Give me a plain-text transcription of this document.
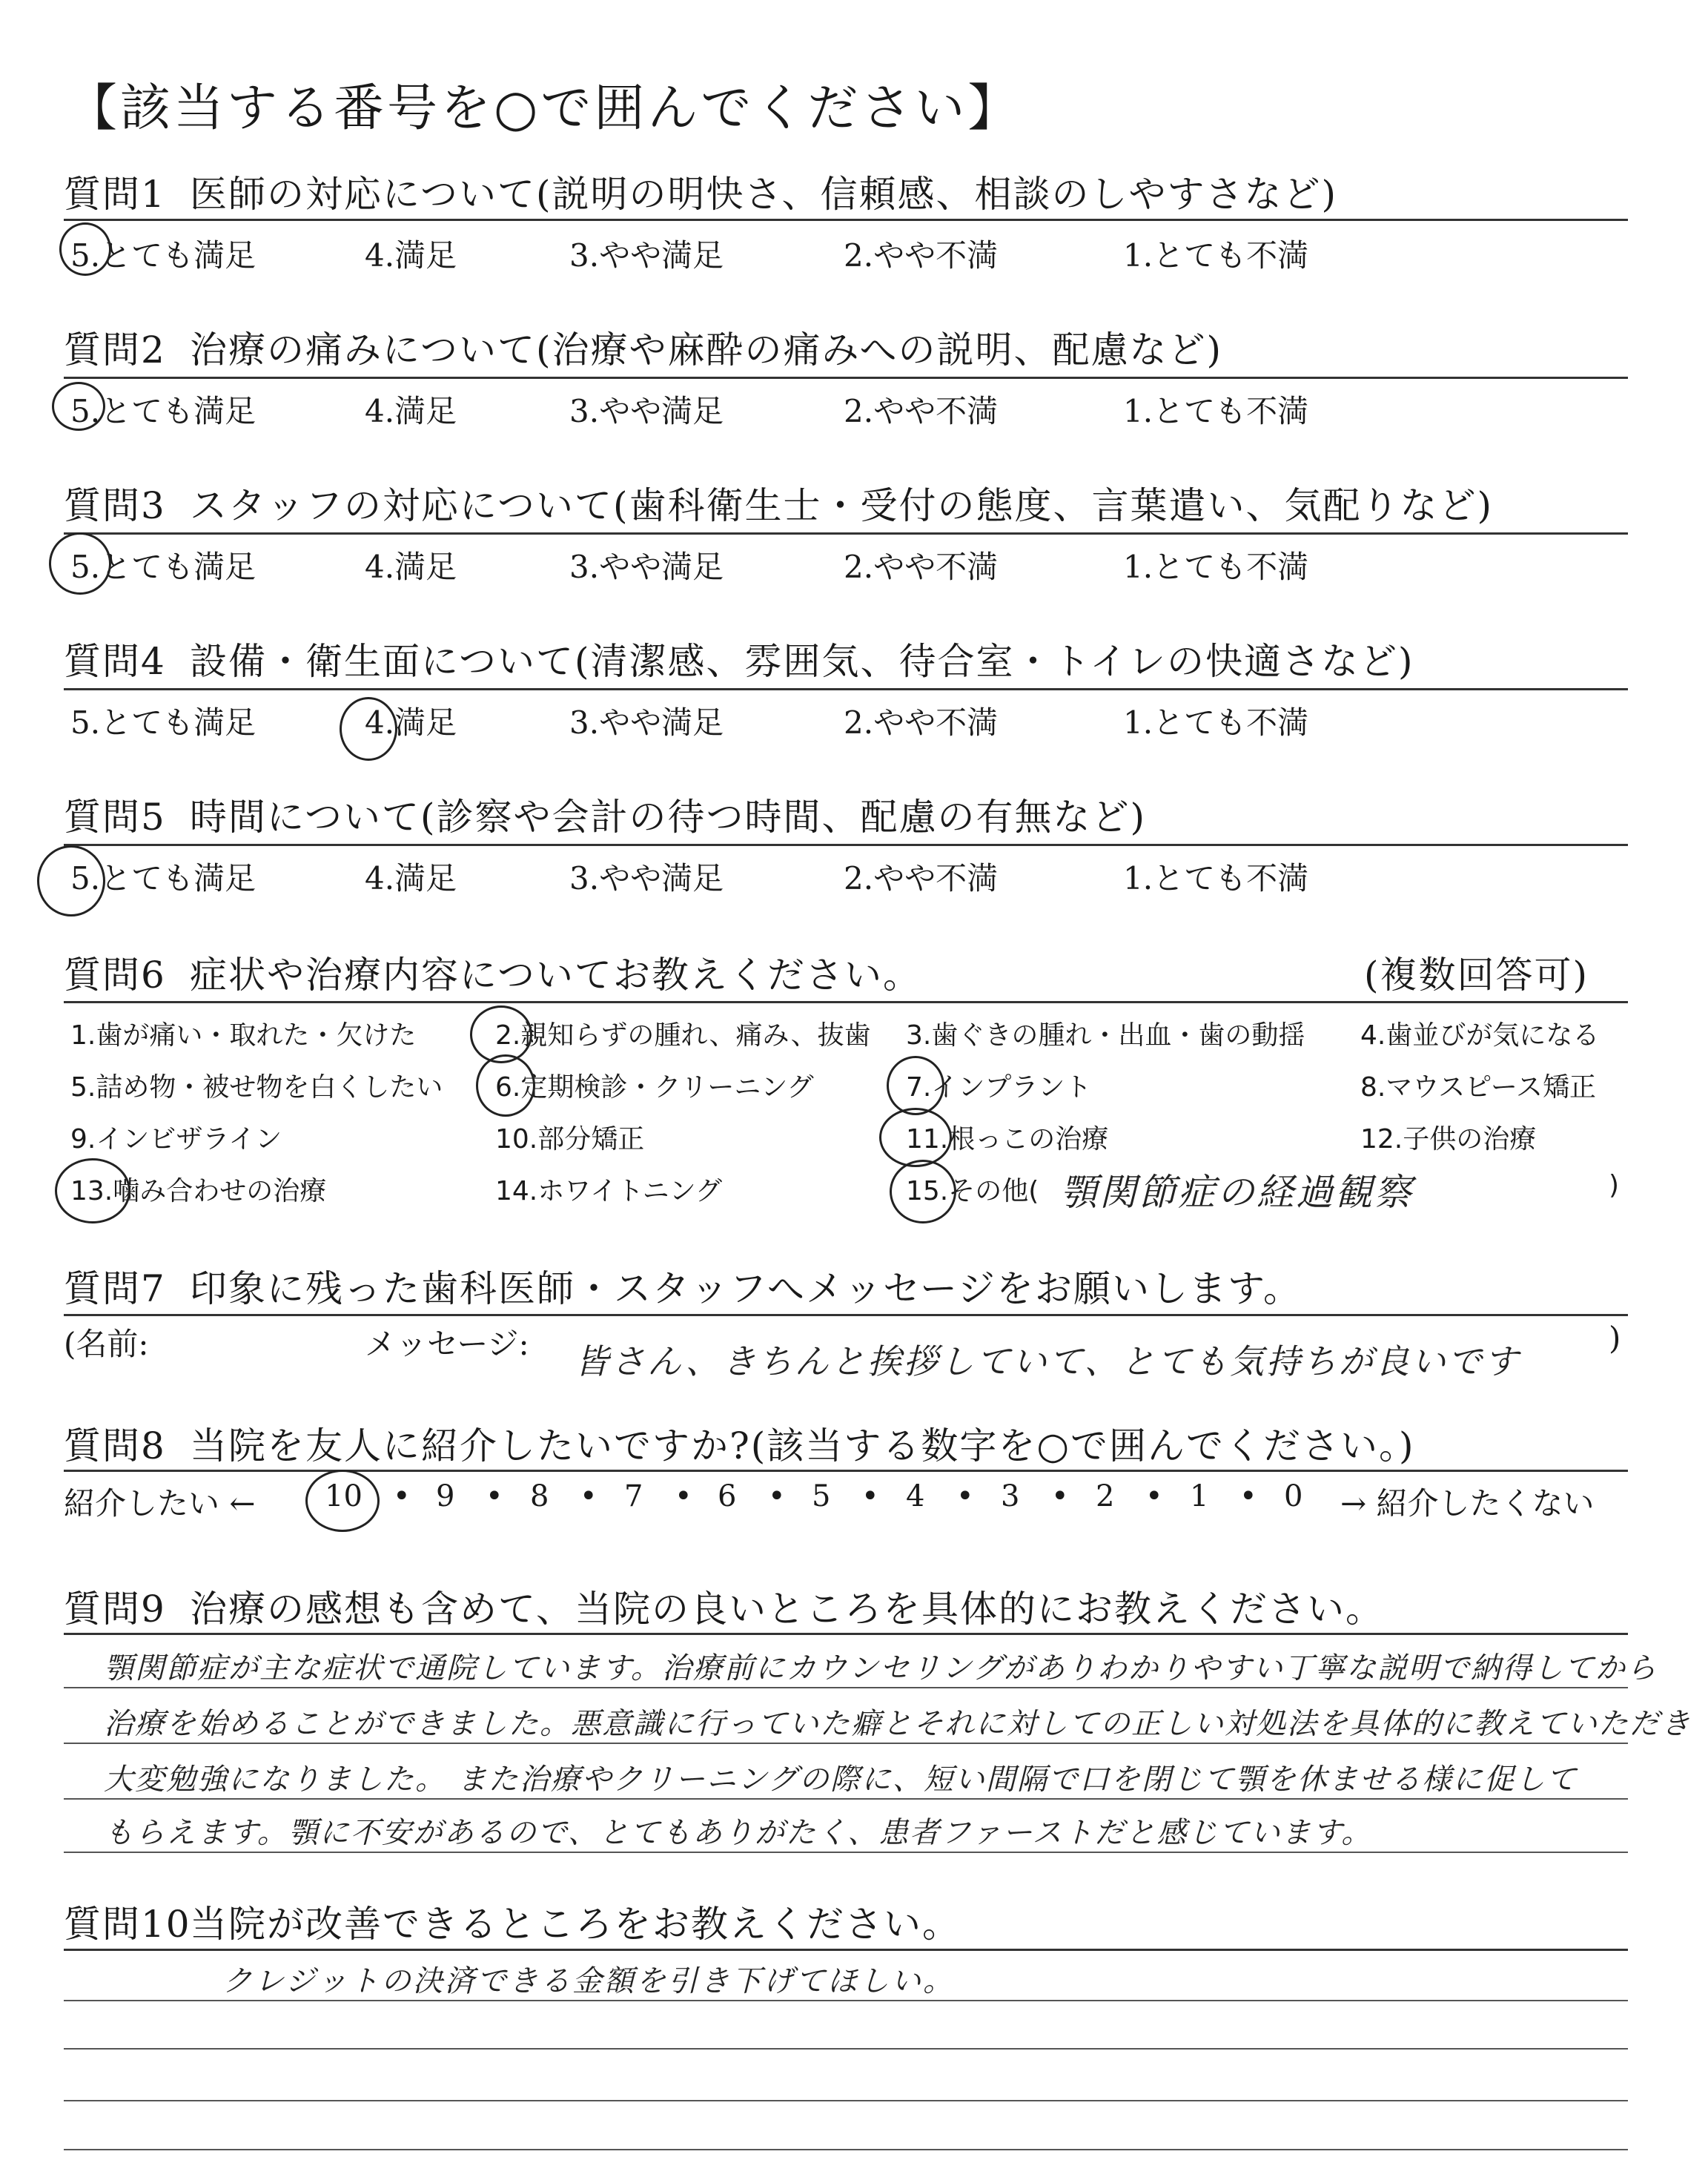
【該当する番号を○で囲んでください】
質問1 医師の対応について(説明の明快さ、信頼感、相談のしやすさなど)
5.とても満足	4.満足	3.やや満足	2.やや不満	1.とても不満
質問2 治療の痛みについて(治療や麻酔の痛みへの説明、配慮など)
5.とても満足	4.満足	3.やや満足	2.やや不満	1.とても不満
質問3 スタッフの対応について(歯科衛生士・受付の態度、言葉遣い、気配りなど)
5.とても満足	4.満足	3.やや満足	2.やや不満	1.とても不満
質問4 設備・衛生面について(清潔感、雰囲気、待合室・トイレの快適さなど)
5.とても満足	4.満足	3.やや満足	2.やや不満	1.とても不満
質問5 時間について(診察や会計の待つ時間、配慮の有無など)
5.とても満足	4.満足	3.やや満足	2.やや不満	1.とても不満
質問6 症状や治療内容についてお教えください。	(複数回答可)
1.歯が痛い・取れた・欠けた	2.親知らずの腫れ、痛み、抜歯 3.歯ぐきの腫れ・出血・歯の動揺 4.歯並びが気になる
5.詰め物・被せ物を白くしたい 6.定期検診・クリーニング	7.インプラント	8.マウスピース矯正
9.インビザライン	10.部分矯正	11.根っこの治療	12.子供の治療
13.噛み合わせの治療	14.ホワイトニング	15.その他( 顎関節症の経過観察	)
質問7 印象に残った歯科医師・スタッフへメッセージをお願いします。
(名前:	メッセージ: 皆さん、きちんと挨拶していて、とても気持ちが良いです
)
質問8 当院を友人に紹介したいですか?(該当する数字を○で囲んでください。)
紹介したい ← 10 • 9 • 8 • 7 • 6 • 5 • 4 • 3 • 2 • 1 • 0 → 紹介したくない
質問9 治療の感想も含めて、当院の良いところを具体的にお教えください。
顎関節症が主な症状で通院しています。治療前にカウンセリングがありわかりやすい丁寧な説明で納得してから
治療を始めることができました。悪意識に行っていた癖とそれに対しての正しい対処法を具体的に教えていただき
大変勉強になりました。 また治療やクリーニングの際に、短い間隔で口を閉じて顎を休ませる様に促して
もらえます。顎に不安があるので、とてもありがたく、患者ファーストだと感じています。
質問10当院が改善できるところをお教えください。
クレジットの決済できる金額を引き下げてほしい。
